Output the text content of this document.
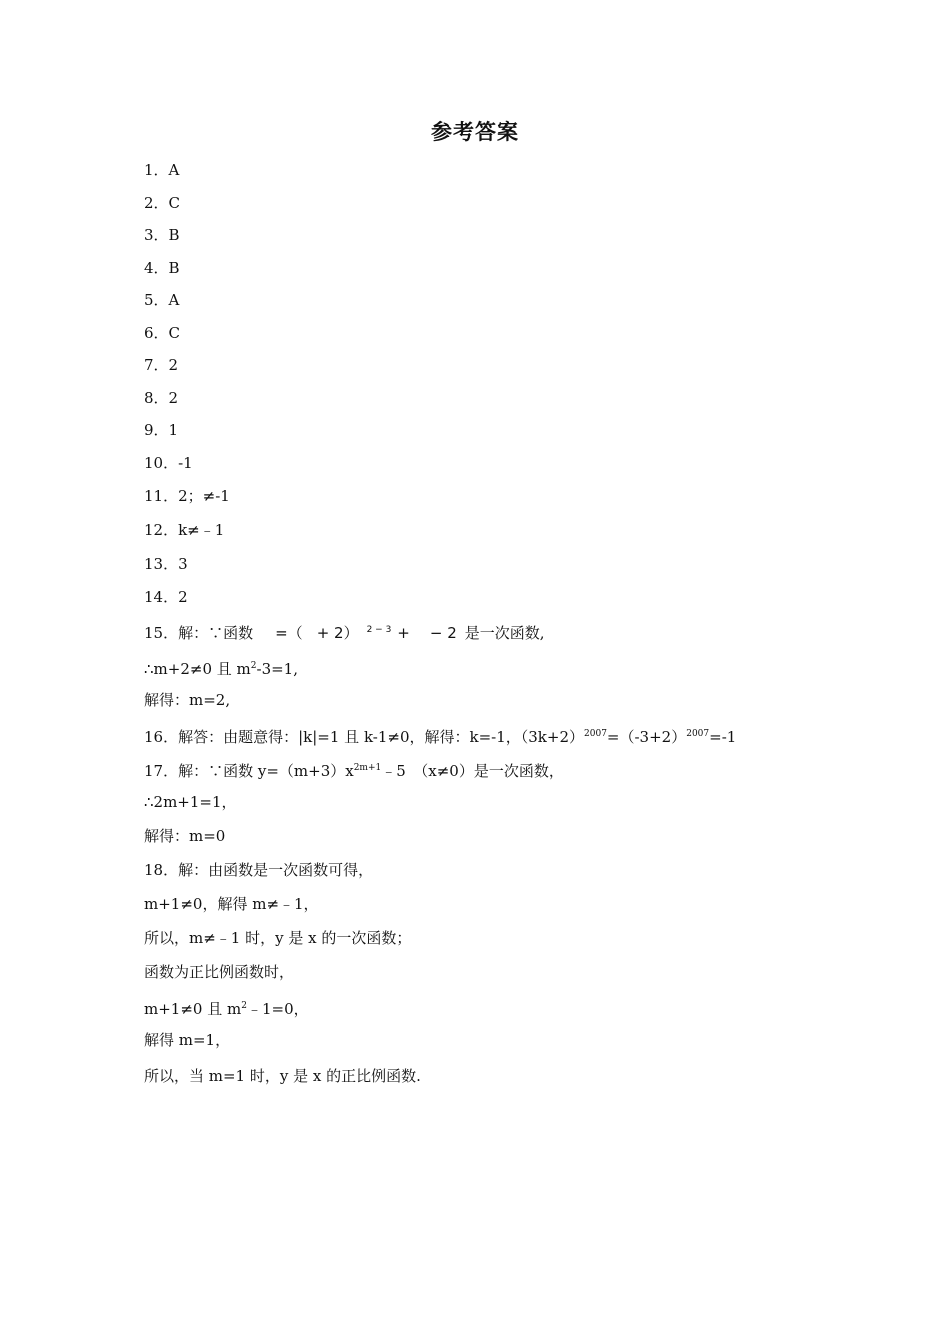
参考答案
1．A
2．C
3．B
4．B
5．A
6．C
7．2
8．2
9．1
10．-1
11．2；≠-1
12．k≠﹣1
13．3
14．2
15．解：∵函数 =（ + 2） $^{2 - 3}$ + − 2 是一次函数,
∴m+2≠0 且 $m^2-3=1$,
解得：m=2,
16．解答：由题意得：|k|=1 且 k-1≠0，解得：k=-1，$(3k+2)^{2007}=(-3+2)^{2007}=-1$
17．解：∵函数 $y=(m+3)x^{2m+1}﹣5$　（x≠0）是一次函数，
∴2m+1=1，
解得：m=0
18．解：由函数是一次函数可得，
m+1≠0，解得 m≠﹣1，
所以，m≠﹣1 时，y 是 x 的一次函数；
函数为正比例函数时，
m+1≠0 且 $m^2﹣1=0$，
解得 m=1，
所以，当 m=1 时，y 是 x 的正比例函数.
